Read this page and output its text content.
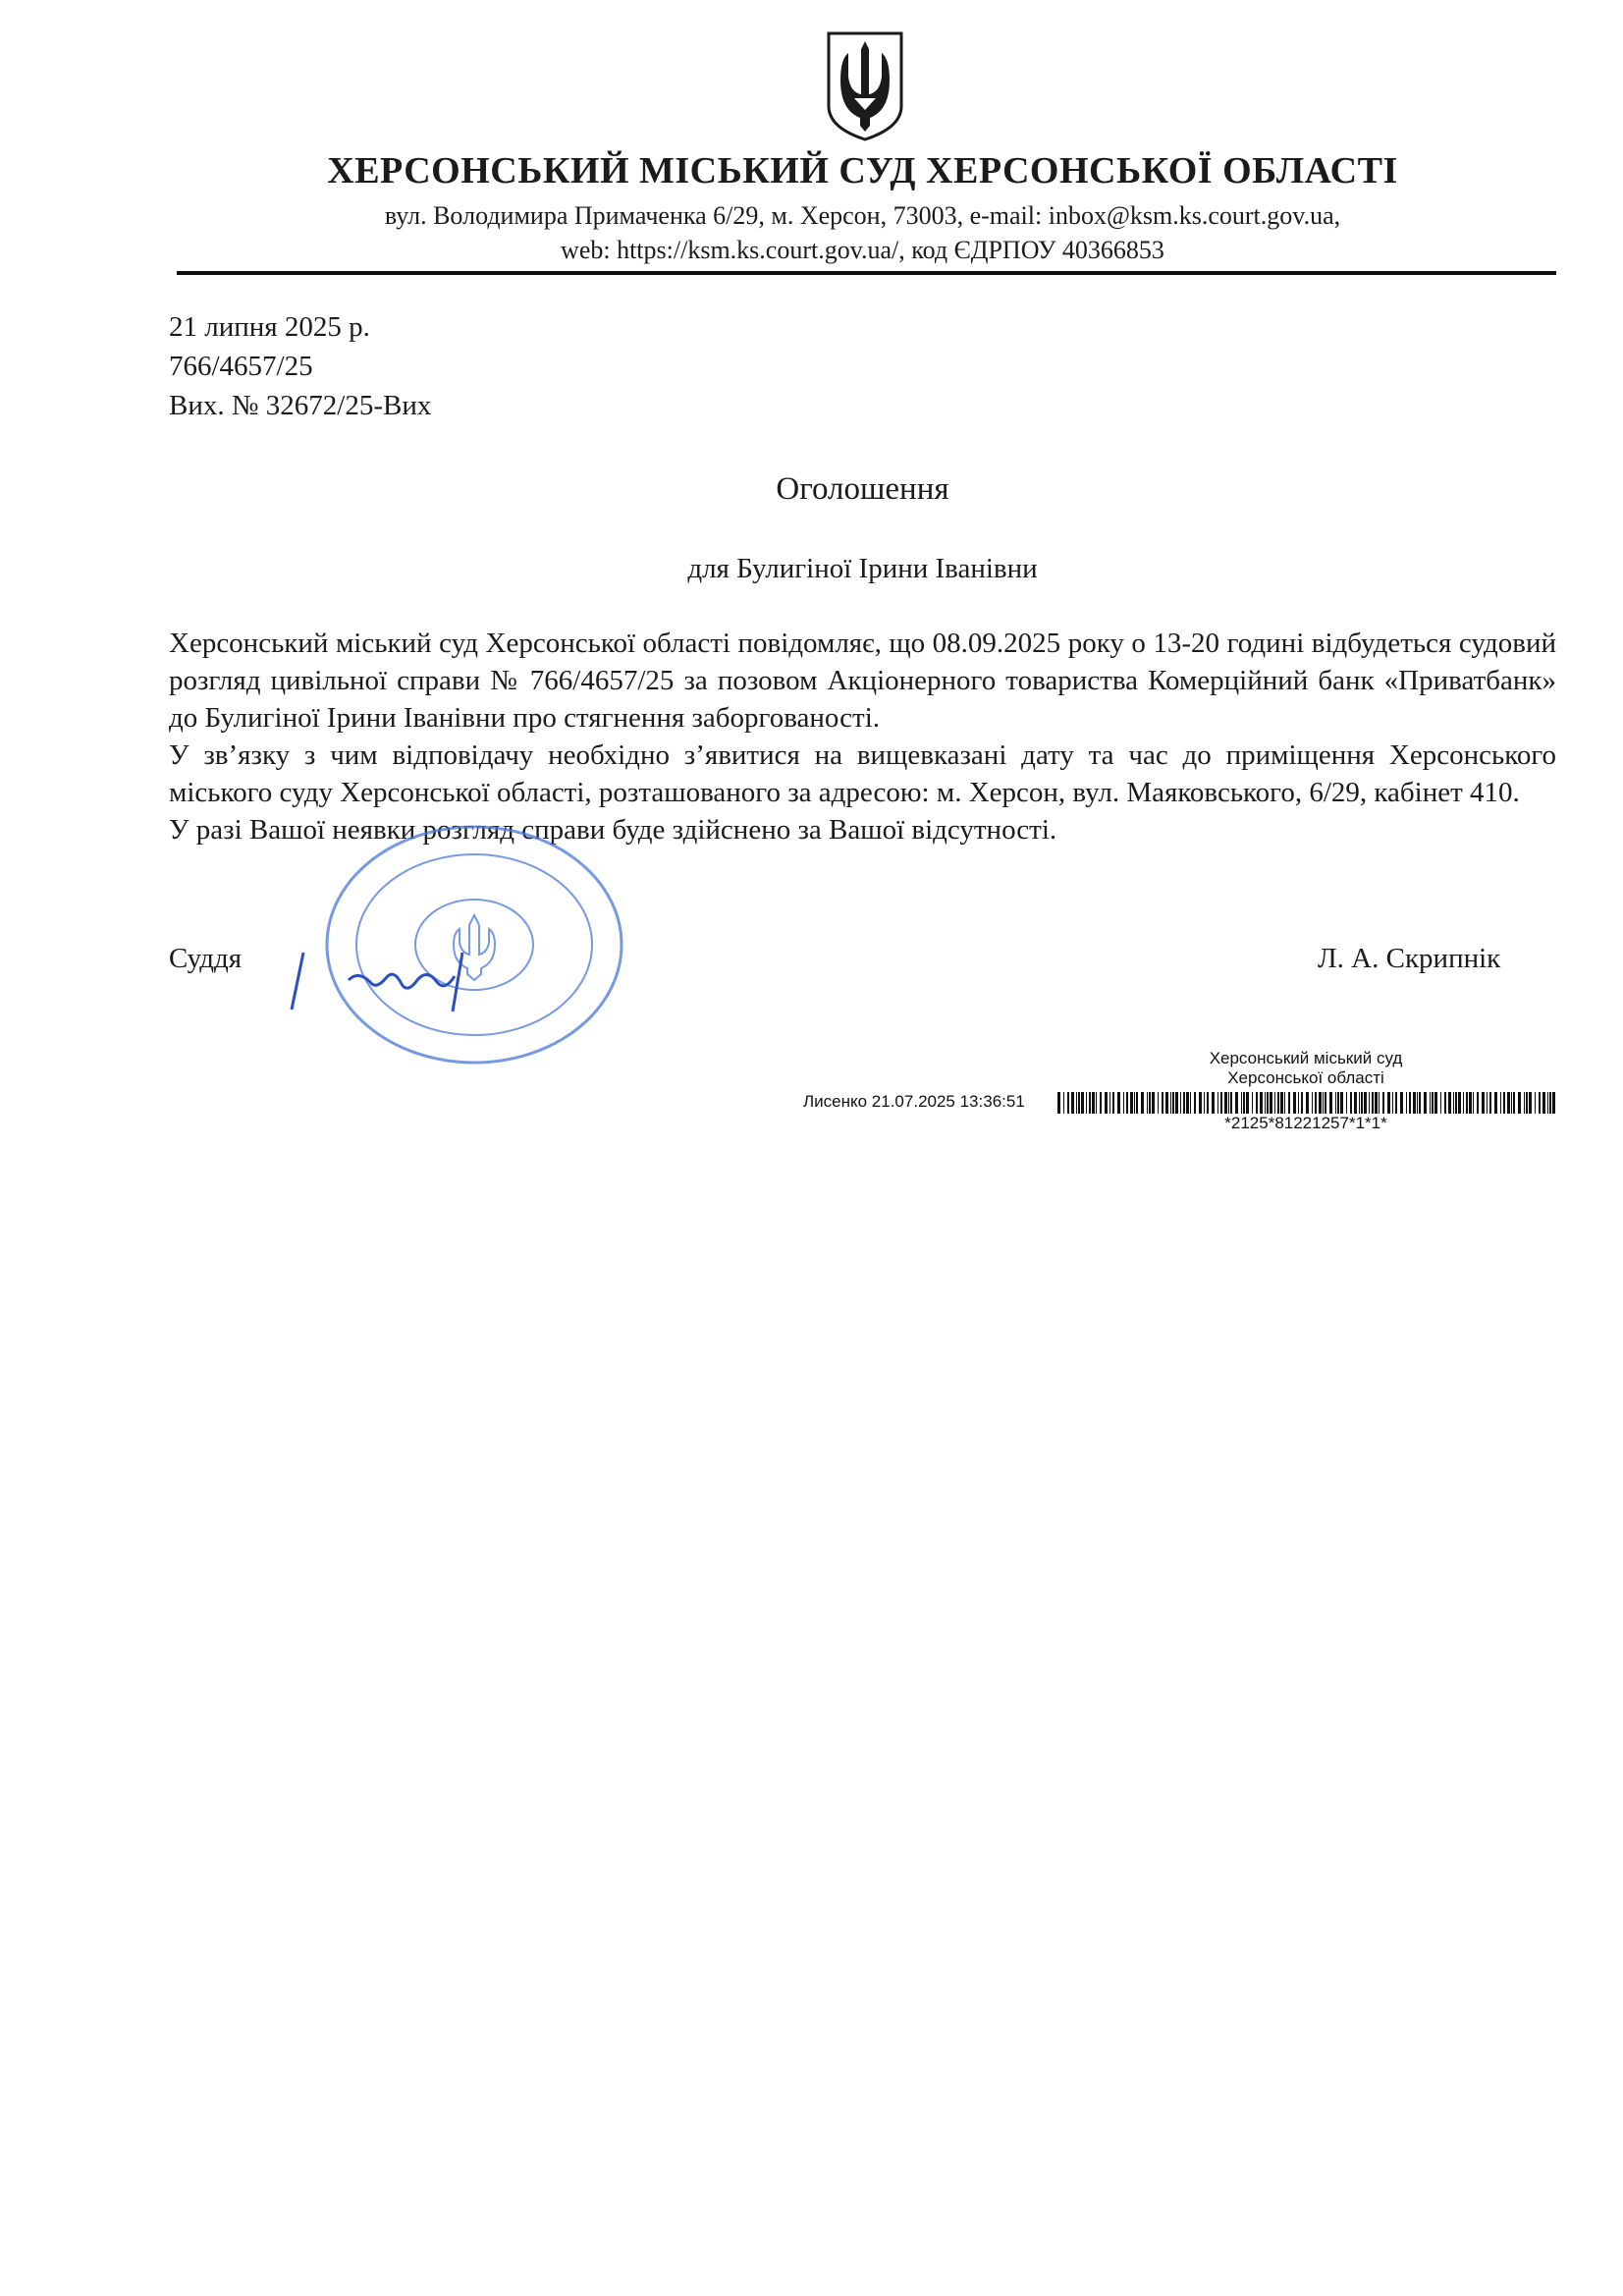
ХЕРСОНСЬКИЙ МІСЬКИЙ СУД ХЕРСОНСЬКОЇ ОБЛАСТІ
вул. Володимира Примаченка 6/29, м. Херсон, 73003, e-mail: inbox@ksm.ks.court.gov.ua,
web: https://ksm.ks.court.gov.ua/, код ЄДРПОУ 40366853
21 липня 2025 р.
766/4657/25
Вих. № 32672/25-Вих
Оголошення
для Булигіної Ірини Іванівни

Херсонський міський суд Херсонської області повідомляє, що 08.09.2025 року о 13-20 годині відбудеться судовий розгляд цивільної справи № 766/4657/25 за позовом Акціонерного товариства Комерційний банк «Приватбанк» до Булигіної Ірини Іванівни про стягнення заборгованості.

У зв’язку з чим відповідачу необхідно з’явитися на вищевказані дату та час до приміщення Херсонського міського суду Херсонської області, розташованого за адресою: м. Херсон, вул. Маяковського, 6/29, кабінет 410.

У разі Вашої неявки розгляд справи буде здійснено за Вашої відсутності.

Суддя	Л. А. Скрипнік
Херсонський міський суд
Херсонської області
Лисенко 21.07.2025 13:36:51
*2125*81221257*1*1*
